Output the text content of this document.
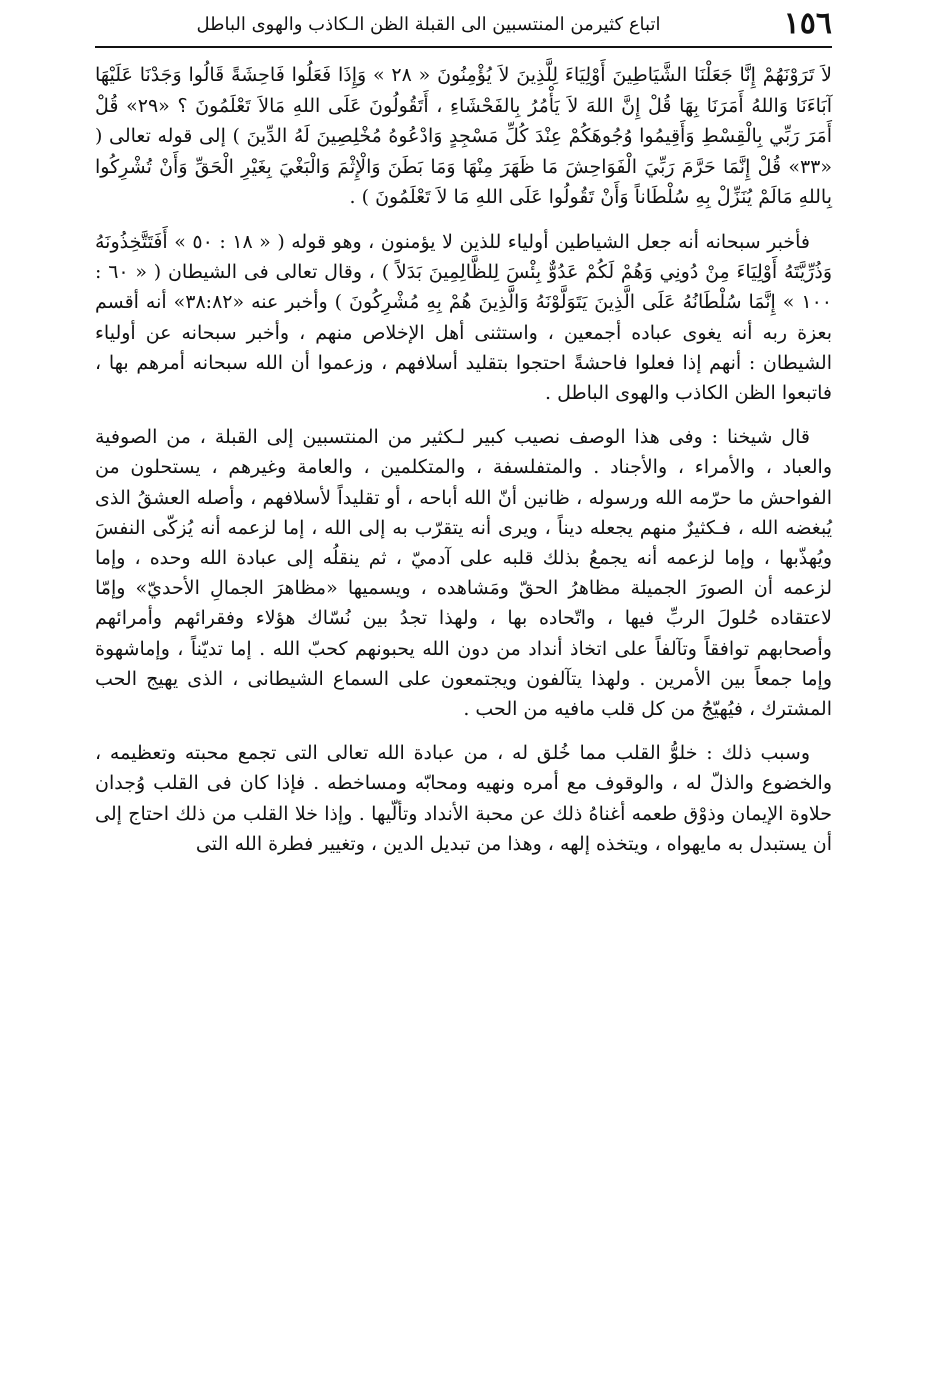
١٥٦
اتباع كثيرمن المنتسبين الى القبلة الظن الـكاذب والهوى الباطل

لاَ تَرَوْنَهُمْ إِنَّا جَعَلْنَا الشَّيَاطِينَ أَوْلِيَاءَ لِلَّذِينَ لاَ يُؤْمِنُونَ « ٢٨ » وَإِذَا فَعَلُوا فَاحِشَةً قَالُوا وَجَدْنَا عَلَيْهَا آبَاءَنَا وَاللهُ أَمَرَنَا بِهَا قُلْ إِنَّ اللهَ لاَ يَأْمُرُ بِالفَحْشَاءِ ، أَتَقُولُونَ عَلَى اللهِ مَالاَ تَعْلَمُونَ ؟ «٢٩» قُلْ أَمَرَ رَبِّي بِالْقِسْطِ وَأَقِيمُوا وُجُوهَكُمْ عِنْدَ كُلِّ مَسْجِدٍ وَادْعُوهُ مُخْلِصِينَ لَهُ الدِّينَ ) إلى قوله تعالى ( «٣٣» قُلْ إِنَّمَا حَرَّمَ رَبِّيَ الْفَوَاحِشَ مَا ظَهَرَ مِنْهَا وَمَا بَطَنَ وَالْإِثْمَ وَالْبَغْيَ بِغَيْرِ الْحَقِّ وَأَنْ تُشْرِكُوا بِاللهِ مَالَمْ يُنَزِّلْ بِهِ سُلْطَاناً وَأَنْ تَقُولُوا عَلَى اللهِ مَا لاَ تَعْلَمُونَ ) .

فأخبر سبحانه أنه جعل الشياطين أولياء للذين لا يؤمنون ، وهو قوله ( « ١٨ : ٥٠ » أَفَتَتَّخِذُونَهُ وَذُرِّيَّتَهُ أَوْلِيَاءَ مِنْ دُونِي وَهُمْ لَكُمْ عَدُوٌّ بِئْسَ لِلظَّالِمِينَ بَدَلاً ) ، وقال تعالى فى الشيطان ( « ٦٠ : ١٠٠ » إِنَّمَا سُلْطَانُهُ عَلَى الَّذِينَ يَتَوَلَّوْنَهُ وَالَّذِينَ هُمْ بِهِ مُشْرِكُونَ ) وأخبر عنه «٣٨:٨٢» أنه أقسم بعزة ربه أنه يغوى عباده أجمعين ، واستثنى أهل الإخلاص منهم ، وأخبر سبحانه عن أولياء الشيطان : أنهم إذا فعلوا فاحشةً احتجوا بتقليد أسلافهم ، وزعموا أن الله سبحانه أمرهم بها ، فاتبعوا الظن الكاذب والهوى الباطل .

قال شيخنا : وفى هذا الوصف نصيب كبير لـكثير من المنتسبين إلى القبلة ، من الصوفية والعباد ، والأمراء ، والأجناد . والمتفلسفة ، والمتكلمين ، والعامة وغيرهم ، يستحلون من الفواحش ما حرّمه الله ورسوله ، ظانين أنّ الله أباحه ، أو تقليداً لأسلافهم ، وأصله العشقُ الذى يُبغضه الله ، فـكثيرٌ منهم يجعله ديناً ، ويرى أنه يتقرّب به إلى الله ، إما لزعمه أنه يُزكّى النفسَ ويُهذّبها ، وإما لزعمه أنه يجمعُ بذلك قلبه على آدميّ ، ثم ينقلُه إلى عبادة الله وحده ، وإما لزعمه أن الصورَ الجميلة مظاهرُ الحقّ ومَشاهده ، ويسميها «مظاهرَ الجمالِ الأحديّ» وإمّا لاعتقاده حُلولَ الربِّ فيها ، واتّحاده بها ، ولهذا تجدُ بين نُسّاك هؤلاء وفقرائهم وأمرائهم وأصحابهم توافقاً وتآلفاً على اتخاذ أنداد من دون الله يحبونهم كحبّ الله . إما تديّناً ، وإماشهوة وإما جمعاً بين الأمرين . ولهذا يتآلفون ويجتمعون على السماع الشيطانى ، الذى يهيج الحب المشترك ، فيُهيّجُ من كل قلب مافيه من الحب .

وسبب ذلك : خلوُّ القلب مما خُلق له ، من عبادة الله تعالى التى تجمع محبته وتعظيمه ، والخضوع والذلّ له ، والوقوف مع أمره ونهيه ومحابّه ومساخطه . فإذا كان فى القلب وُجدان حلاوة الإيمان وذوْق طعمه أغناهُ ذلك عن محبة الأنداد وتألّيها . وإذا خلا القلب من ذلك احتاج إلى أن يستبدل به مايهواه ، ويتخذه إلهه ، وهذا من تبديل الدين ، وتغيير فطرة الله التى
